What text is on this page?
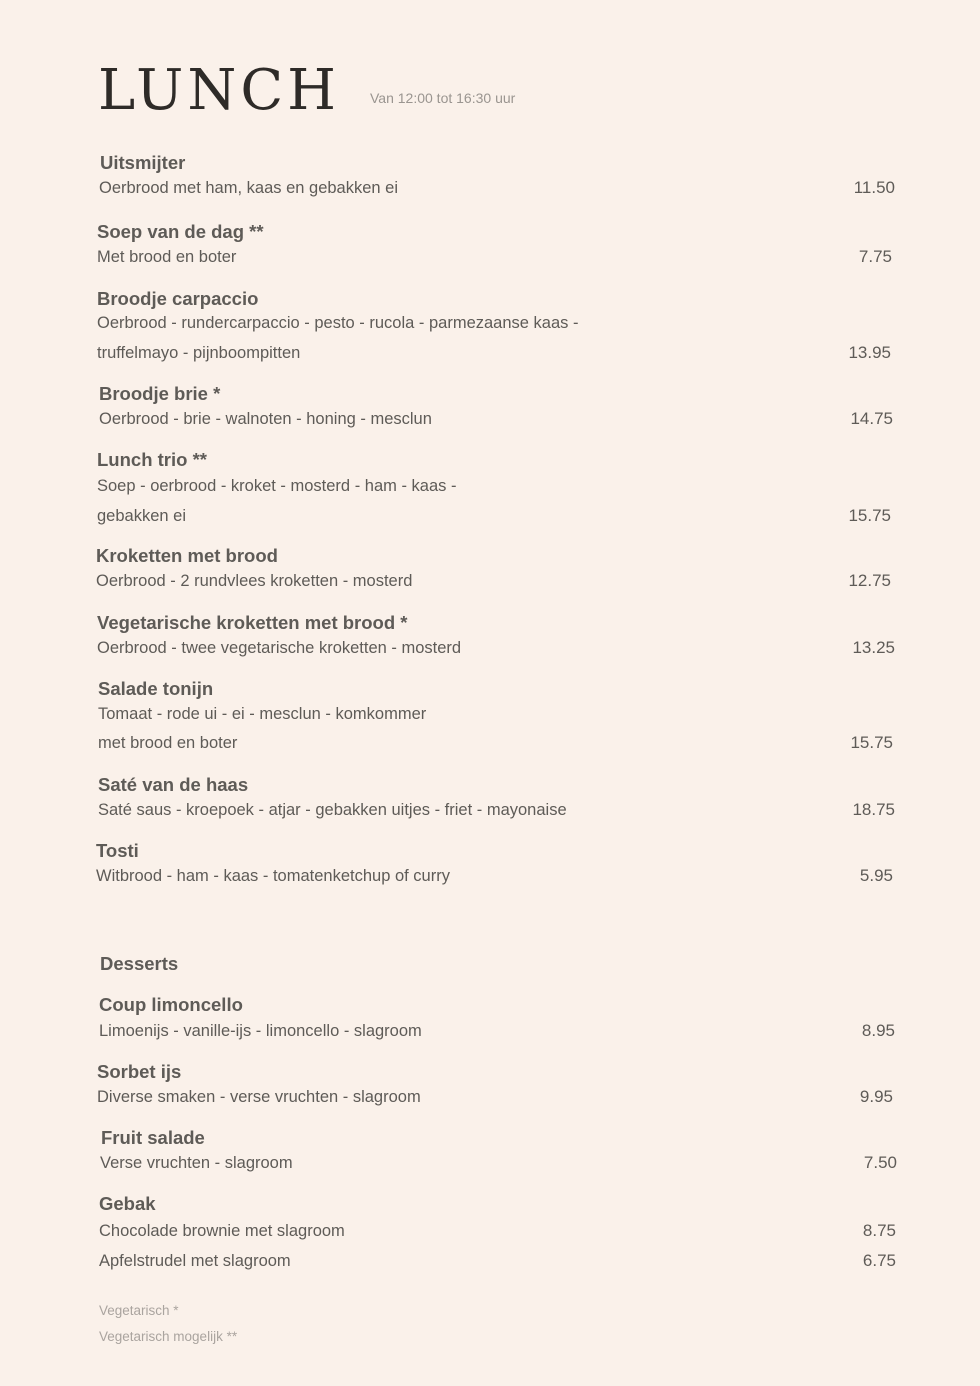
LUNCH Van 12:00 tot 16:30 uur
Uitsmijter
Oerbrood met ham, kaas en gebakken ei	11.50
Soep van de dag **
Met brood en boter	7.75
Broodje carpaccio
Oerbrood - rundercarpaccio - pesto - rucola - parmezaanse kaas -
truffelmayo - pijnboompitten	13.95
Broodje brie *
Oerbrood - brie - walnoten - honing - mesclun	14.75
Lunch trio **
Soep - oerbrood - kroket - mosterd - ham - kaas -
gebakken ei	15.75
Kroketten met brood
Oerbrood - 2 rundvlees kroketten - mosterd	12.75
Vegetarische kroketten met brood *
Oerbrood - twee vegetarische kroketten - mosterd	13.25
Salade tonijn
Tomaat - rode ui - ei - mesclun - komkommer
met brood en boter	15.75
Saté van de haas
Saté saus - kroepoek - atjar - gebakken uitjes - friet - mayonaise	18.75
Tosti
Witbrood - ham - kaas - tomatenketchup of curry	5.95
Desserts
Coup limoncello
Limoenijs - vanille-ijs - limoncello - slagroom	8.95
Sorbet ijs
Diverse smaken - verse vruchten - slagroom	9.95
Fruit salade
Verse vruchten - slagroom	7.50
Gebak
Chocolade brownie met slagroom	8.75
Apfelstrudel met slagroom	6.75
Vegetarisch *
Vegetarisch mogelijk **
